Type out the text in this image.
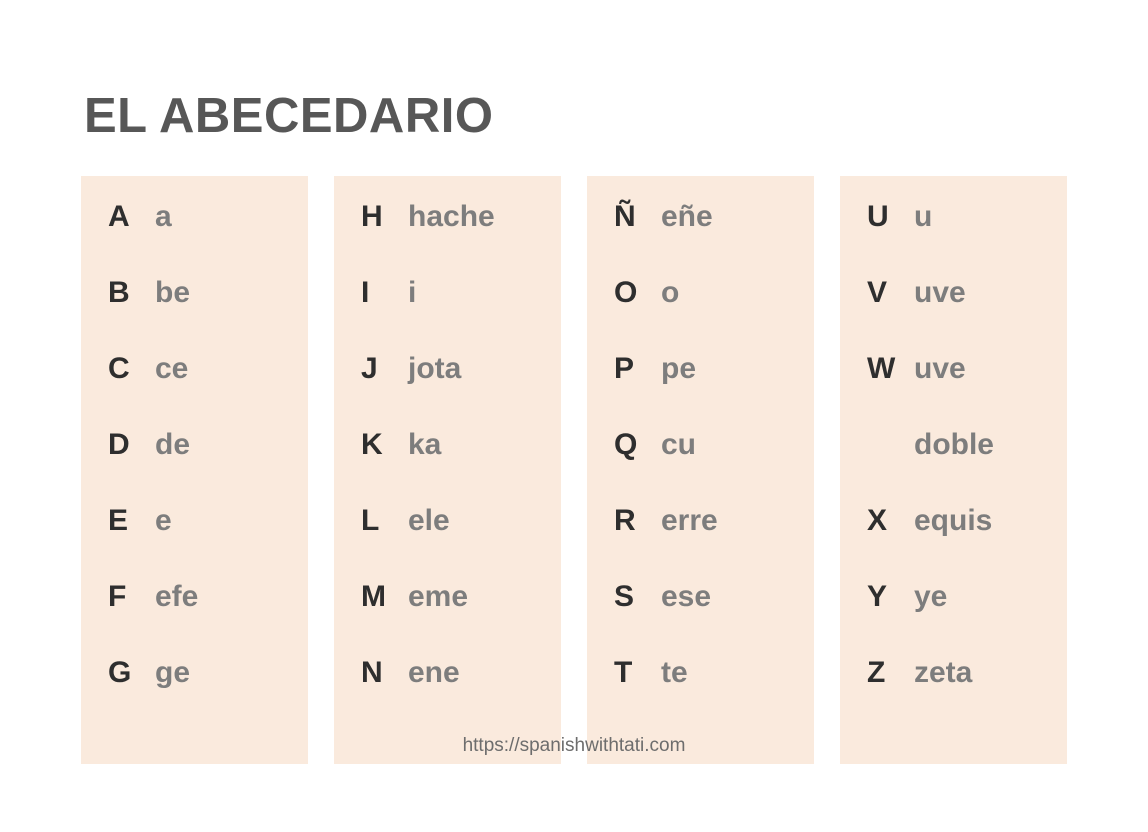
EL ABECEDARIO
A a
B be
C ce
D de
E e
F efe
G ge
H hache
I	i
J	jota
K ka
L ele
M eme
N ene
Ñ eñe
O o
P pe
Q cu
R erre
S ese
T te
U u
V uve
W uve
doble
X equis
Y ye
Z zeta
https://spanishwithtati.com
